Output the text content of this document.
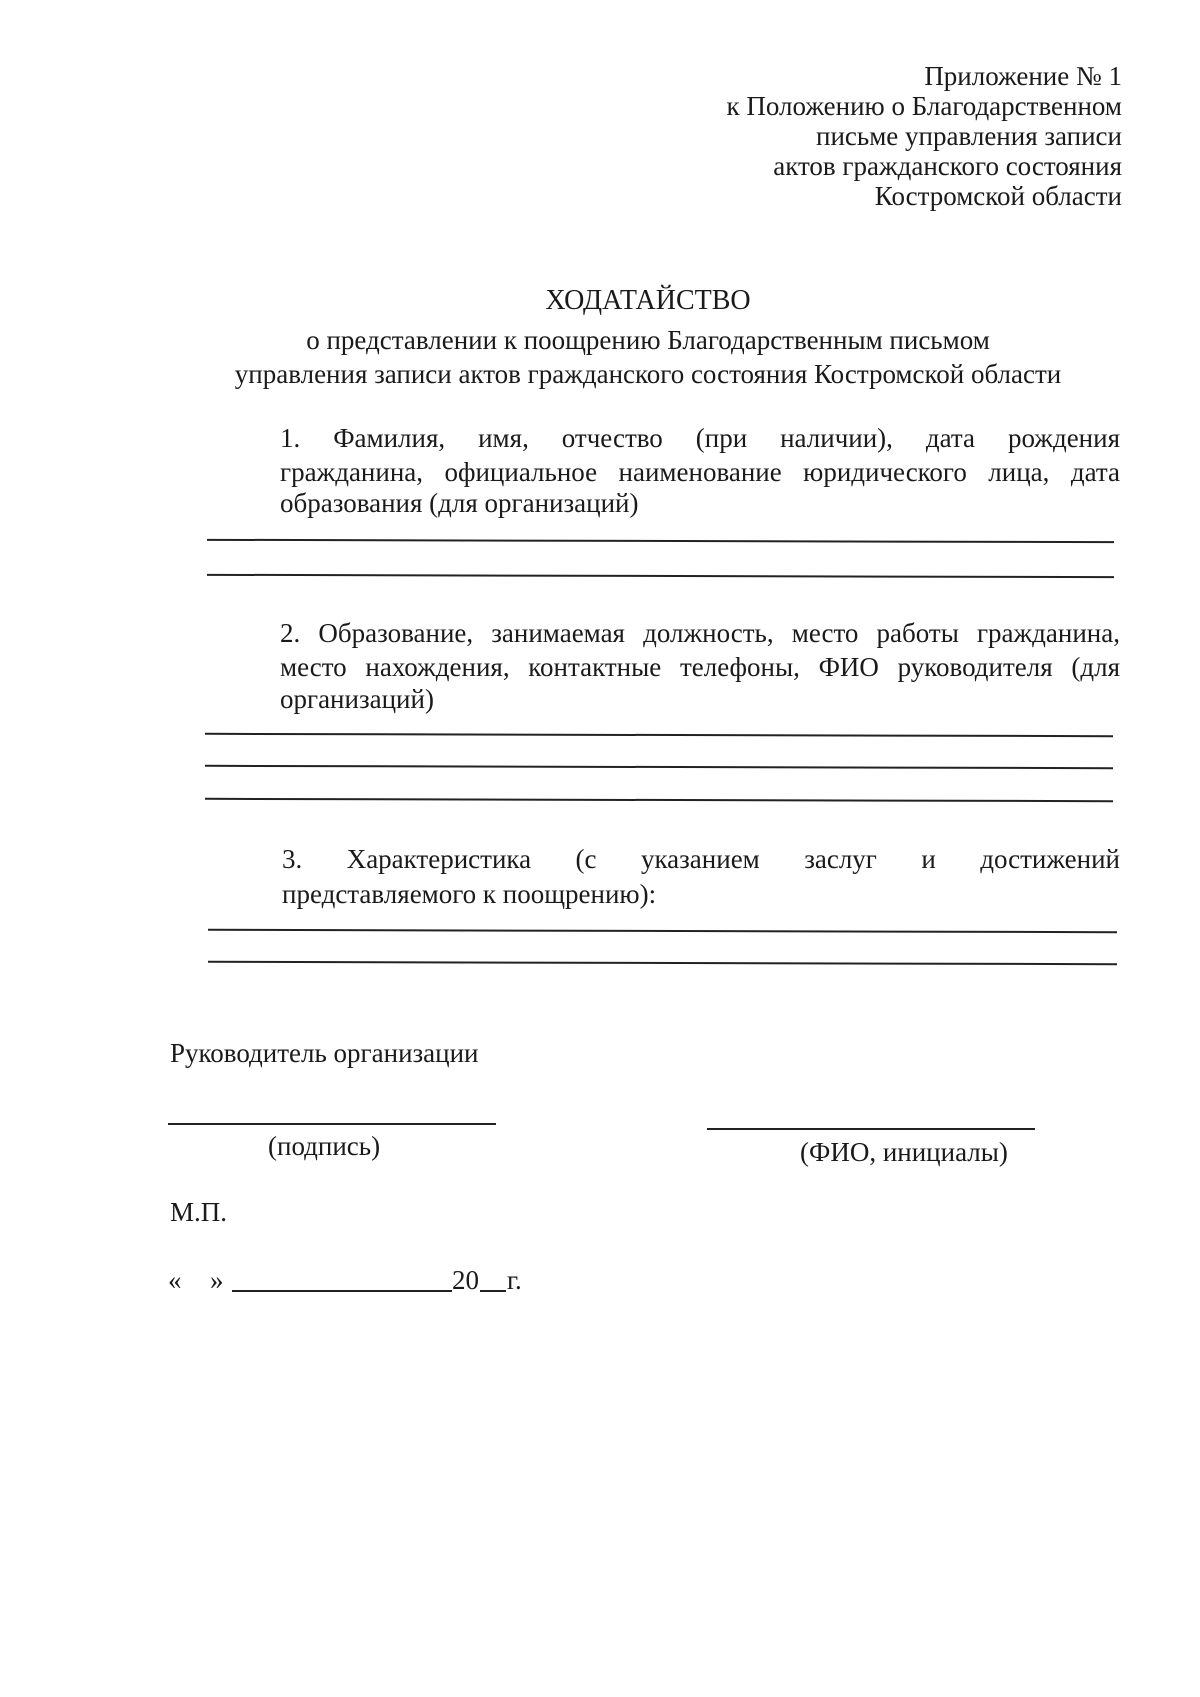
Приложение № 1
к Положению о Благодарственном
письме управления записи
актов гражданского состояния
Костромской области
ХОДАТАЙСТВО
о представлении к поощрению Благодарственным письмом
управления записи актов гражданского состояния Костромской области
1. Фамилия, имя, отчество (при наличии), дата рождения
гражданина, официальное наименование юридического лица, дата
образования (для организаций)
2. Образование, занимаемая должность, место работы гражданина,
место нахождения, контактные телефоны, ФИО руководителя (для
организаций)
3. Характеристика (с указанием заслуг и достижений
представляемого к поощрению):
Руководитель организации
(подпись)	(ФИО, инициалы)
М.П.
« »	20 г.
